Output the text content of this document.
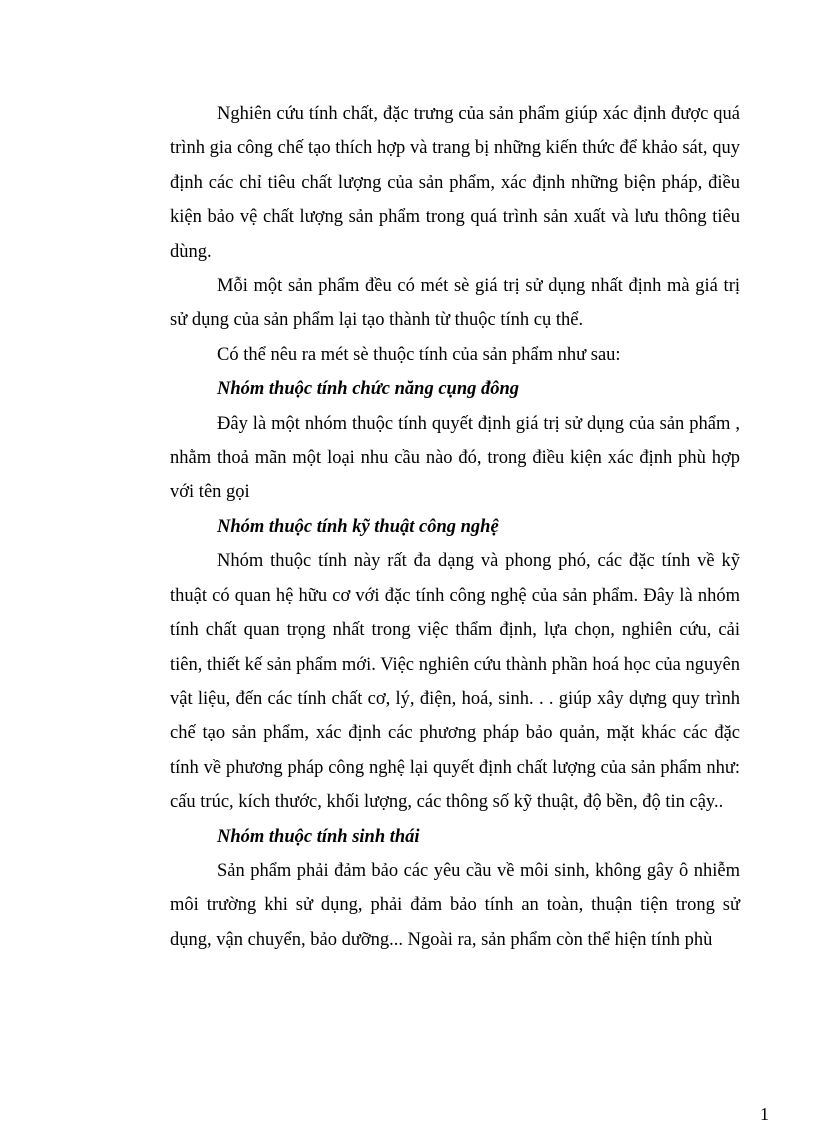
Nghiên cứu tính chất, đặc trưng của sản phẩm giúp xác định được quá trình gia công chế tạo thích hợp và trang bị những kiến thức để khảo sát, quy định các chỉ tiêu chất lượng của sản phẩm, xác định những biện pháp, điều kiện bảo vệ chất lượng sản phẩm trong quá trình sản xuất và lưu thông tiêu dùng.

Mỗi một sản phẩm đều có mét sè giá trị sử dụng nhất định mà giá trị sử dụng của sản phẩm lại tạo thành từ thuộc tính cụ thể.

Có thể nêu ra mét sè thuộc tính của sản phẩm như sau:

Nhóm thuộc tính chức năng cụng đông

Đây là một nhóm thuộc tính quyết định giá trị sử dụng của sản phẩm , nhằm thoả mãn một loại nhu cầu nào đó, trong điều kiện xác định phù hợp với tên gọi

Nhóm thuộc tính kỹ thuật công nghệ

Nhóm thuộc tính này rất đa dạng và phong phó, các đặc tính về kỹ thuật có quan hệ hữu cơ với đặc tính công nghệ của sản phẩm. Đây là nhóm tính chất quan trọng nhất trong việc thẩm định, lựa chọn, nghiên cứu, cải tiên, thiết kế sản phẩm mới. Việc nghiên cứu thành phần hoá học của nguyên vật liệu, đến các tính chất cơ, lý, điện, hoá, sinh. . . giúp xây dựng quy trình chế tạo sản phẩm, xác định các phương pháp bảo quản, mặt khác các đặc tính về phương pháp công nghệ lại quyết định chất lượng của sản phẩm như: cấu trúc, kích thước, khối lượng, các thông số kỹ thuật, độ bền, độ tin cậy..

Nhóm thuộc tính sinh thái

Sản phẩm phải đảm bảo các yêu cầu về môi sinh, không gây ô nhiễm môi trường khi sử dụng, phải đảm bảo tính an toàn, thuận tiện trong sử dụng, vận chuyển, bảo dưỡng... Ngoài ra, sản phẩm còn thể hiện tính phù

1
